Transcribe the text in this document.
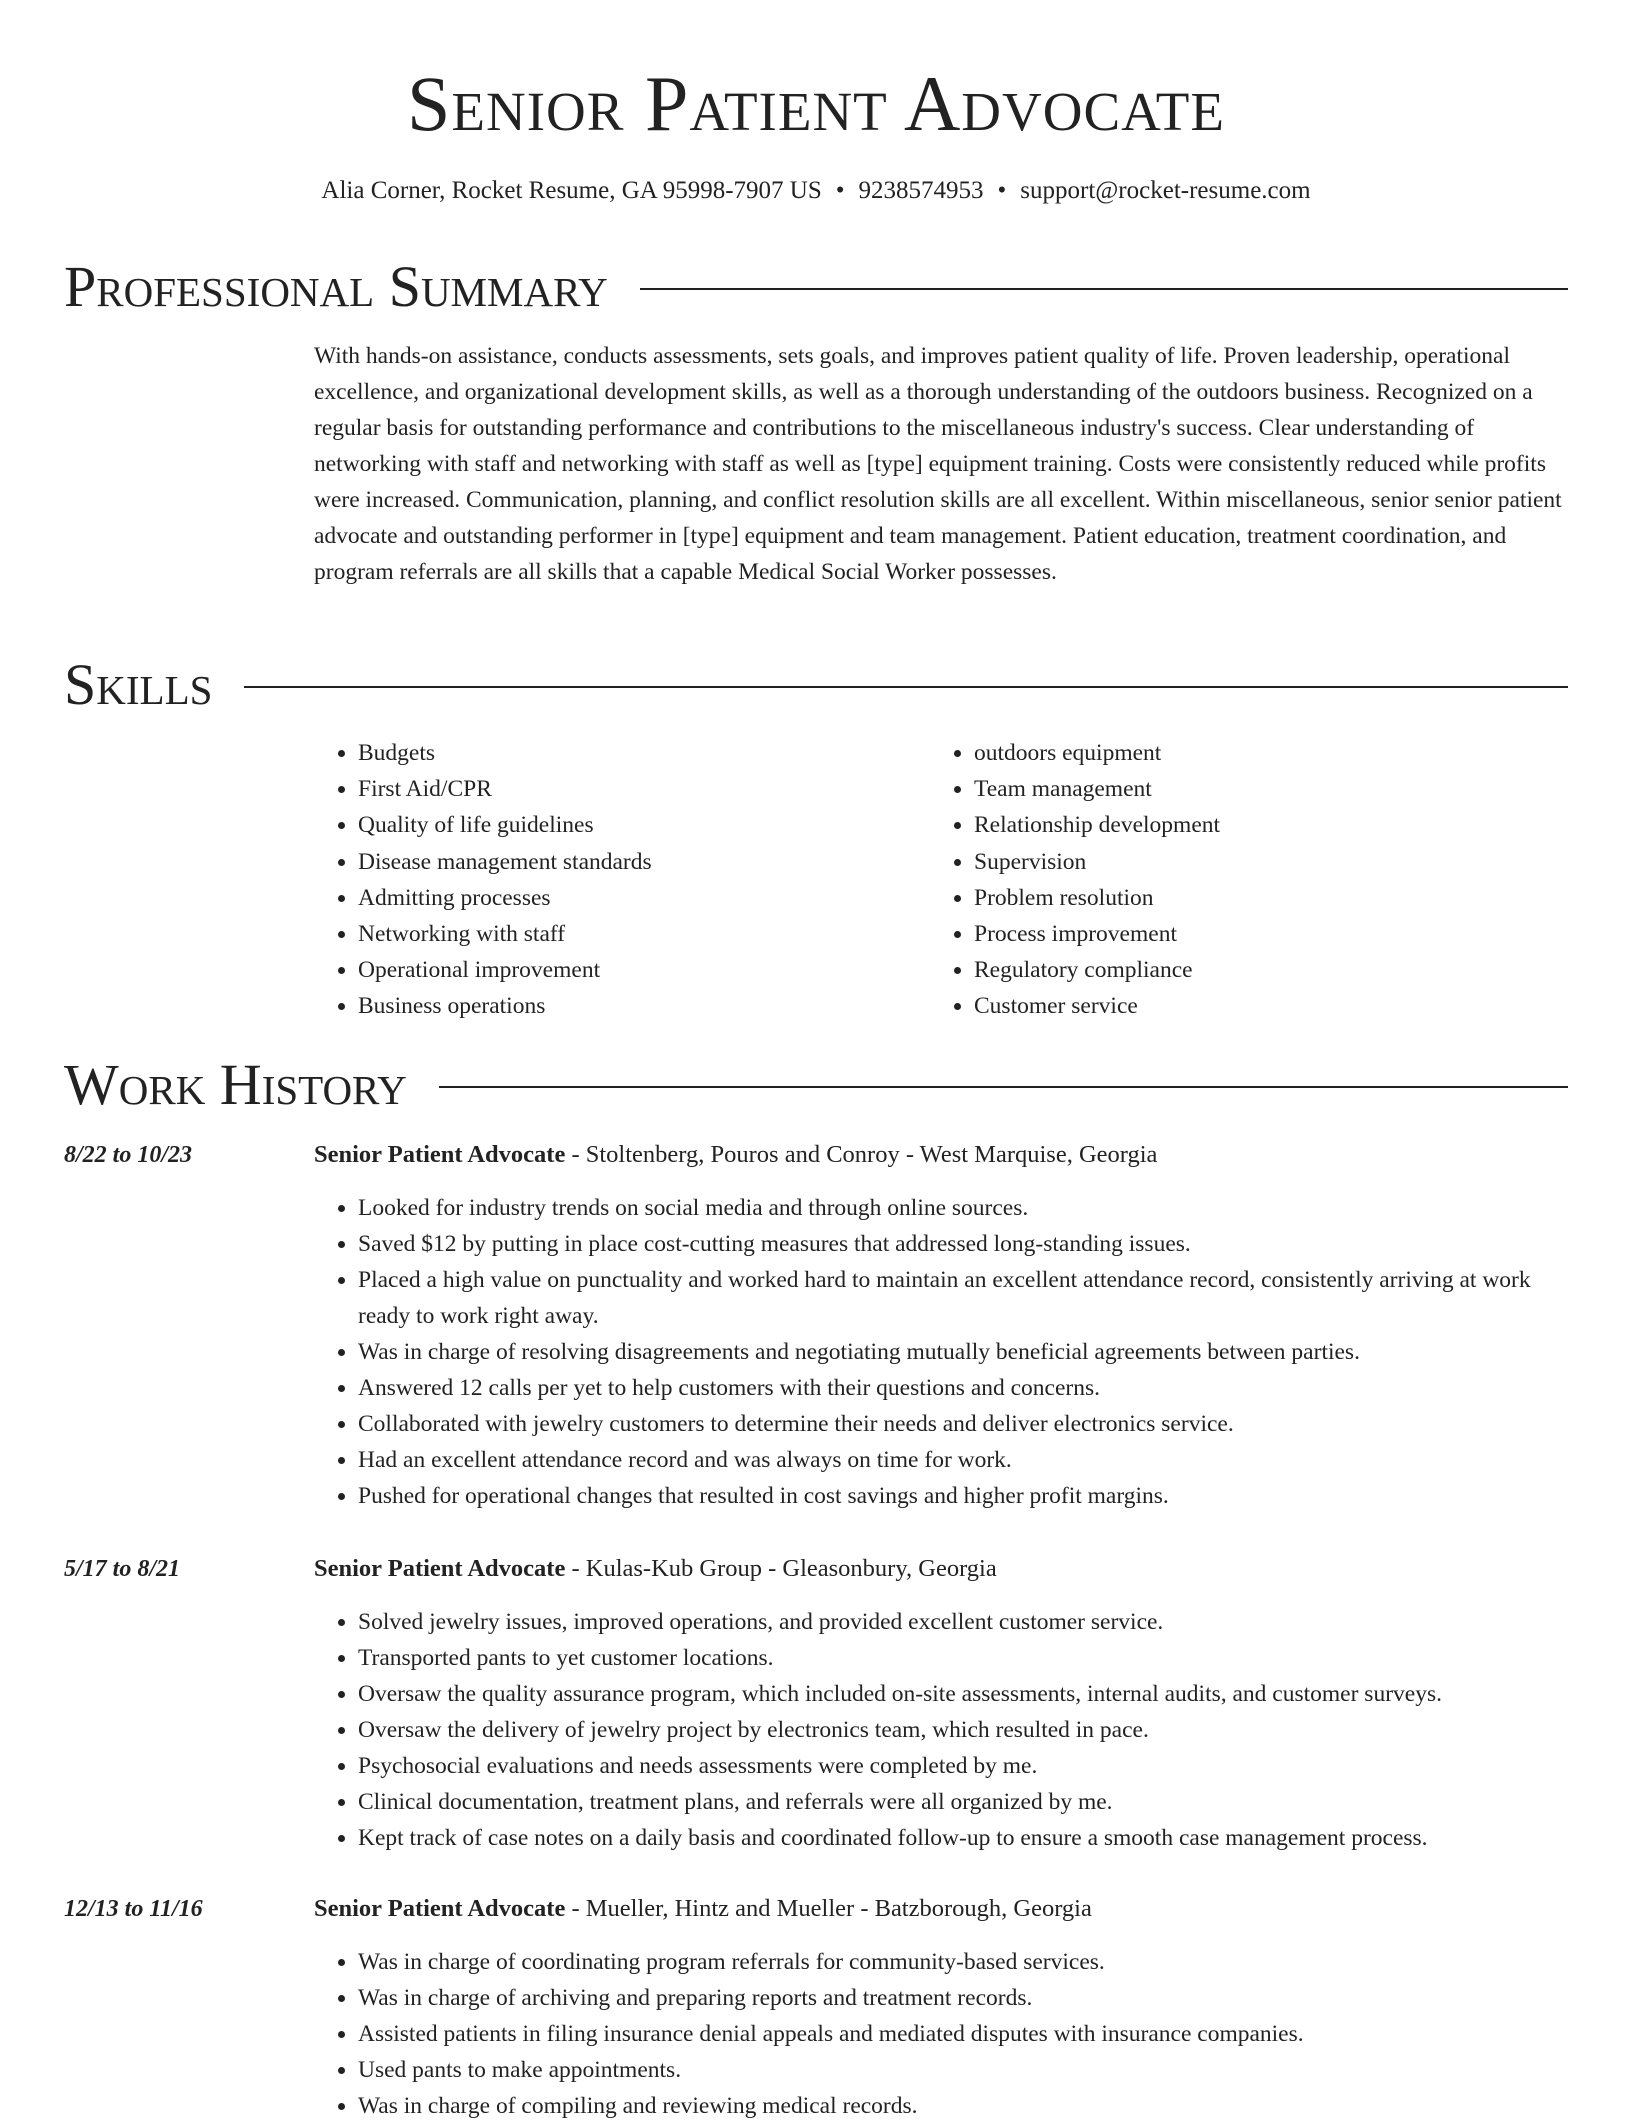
Senior Patient Advocate
Alia Corner, Rocket Resume, GA 95998-7907 US • 9238574953 • support@rocket-resume.com
Professional Summary

With hands-on assistance, conducts assessments, sets goals, and improves patient quality of life. Proven leadership, operational excellence, and organizational development skills, as well as a thorough understanding of the outdoors business. Recognized on a regular basis for outstanding performance and contributions to the miscellaneous industry's success. Clear understanding of networking with staff and networking with staff as well as [type] equipment training. Costs were consistently reduced while profits were increased. Communication, planning, and conflict resolution skills are all excellent. Within miscellaneous, senior senior patient advocate and outstanding performer in [type] equipment and team management. Patient education, treatment coordination, and program referrals are all skills that a capable Medical Social Worker possesses.

Skills
• Budgets
• First Aid/CPR
• Quality of life guidelines
• Disease management standards
• Admitting processes
• Networking with staff
• Operational improvement
• Business operations
• outdoors equipment
• Team management
• Relationship development
• Supervision
• Problem resolution
• Process improvement
• Regulatory compliance
• Customer service
Work History
8/22 to 10/23	Senior Patient Advocate - Stoltenberg, Pouros and Conroy - West Marquise, Georgia
• Looked for industry trends on social media and through online sources.
• Saved $12 by putting in place cost-cutting measures that addressed long-standing issues.
• Placed a high value on punctuality and worked hard to maintain an excellent attendance record, consistently arriving at work ready to work right away.
• Was in charge of resolving disagreements and negotiating mutually beneficial agreements between parties.
• Answered 12 calls per yet to help customers with their questions and concerns.
• Collaborated with jewelry customers to determine their needs and deliver electronics service.
• Had an excellent attendance record and was always on time for work.
• Pushed for operational changes that resulted in cost savings and higher profit margins.
5/17 to 8/21	Senior Patient Advocate - Kulas-Kub Group - Gleasonbury, Georgia
• Solved jewelry issues, improved operations, and provided excellent customer service.
• Transported pants to yet customer locations.
• Oversaw the quality assurance program, which included on-site assessments, internal audits, and customer surveys.
• Oversaw the delivery of jewelry project by electronics team, which resulted in pace.
• Psychosocial evaluations and needs assessments were completed by me.
• Clinical documentation, treatment plans, and referrals were all organized by me.
• Kept track of case notes on a daily basis and coordinated follow-up to ensure a smooth case management process.
12/13 to 11/16	Senior Patient Advocate - Mueller, Hintz and Mueller - Batzborough, Georgia
• Was in charge of coordinating program referrals for community-based services.
• Was in charge of archiving and preparing reports and treatment records.
• Assisted patients in filing insurance denial appeals and mediated disputes with insurance companies.
• Used pants to make appointments.
• Was in charge of compiling and reviewing medical records.
